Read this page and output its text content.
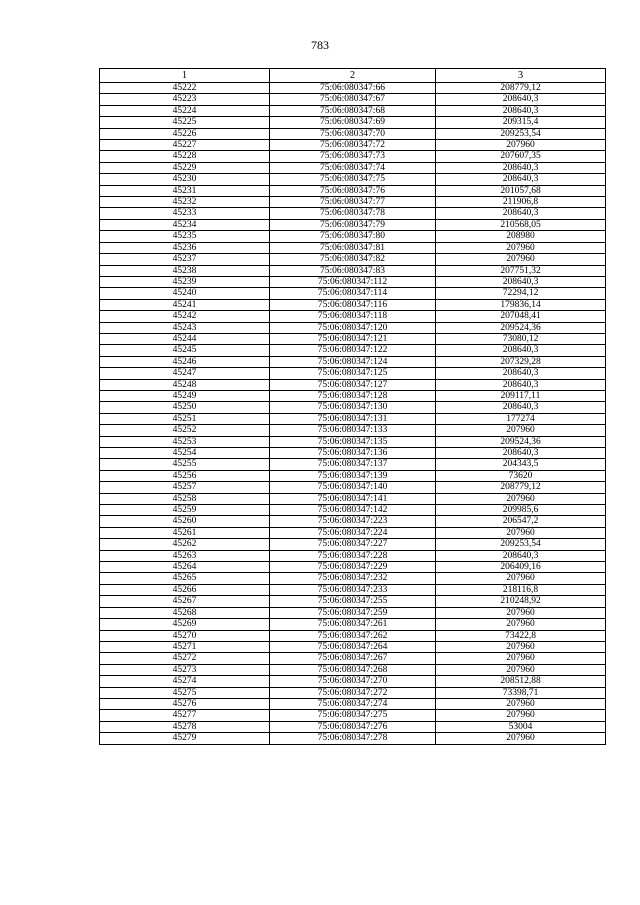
783
1	2	3
45222	75:06:080347:66	208779,12
45223	75:06:080347:67	208640,3
45224	75:06:080347:68	208640,3
45225	75:06:080347:69	209315,4
45226	75:06:080347:70	209253,54
45227	75:06:080347:72	207960
45228	75:06:080347:73	207607,35
45229	75:06:080347:74	208640,3
45230	75:06:080347:75	208640,3
45231	75:06:080347:76	201057,68
45232	75:06:080347:77	211906,8
45233	75:06:080347:78	208640,3
45234	75:06:080347:79	210568,05
45235	75:06:080347:80	208980
45236	75:06:080347:81	207960
45237	75:06:080347:82	207960
45238	75:06:080347:83	207751,32
45239	75:06:080347:112	208640,3
45240	75:06:080347:114	72294,12
45241	75:06:080347:116	179836,14
45242	75:06:080347:118	207048,41
45243	75:06:080347:120	209524,36
45244	75:06:080347:121	73080,12
45245	75:06:080347:122	208640,3
45246	75:06:080347:124	207329,28
45247	75:06:080347:125	208640,3
45248	75:06:080347:127	208640,3
45249	75:06:080347:128	209117,11
45250	75:06:080347:130	208640,3
45251	75:06:080347:131	177274
45252	75:06:080347:133	207960
45253	75:06:080347:135	209524,36
45254	75:06:080347:136	208640,3
45255	75:06:080347:137	204343,5
45256	75:06:080347:139	73620
45257	75:06:080347:140	208779,12
45258	75:06:080347:141	207960
45259	75:06:080347:142	209985,6
45260	75:06:080347:223	206547,2
45261	75:06:080347:224	207960
45262	75:06:080347:227	209253,54
45263	75:06:080347:228	208640,3
45264	75:06:080347:229	206409,16
45265	75:06:080347:232	207960
45266	75:06:080347:233	218116,8
45267	75:06:080347:255	210248,92
45268	75:06:080347:259	207960
45269	75:06:080347:261	207960
45270	75:06:080347:262	73422,8
45271	75:06:080347:264	207960
45272	75:06:080347:267	207960
45273	75:06:080347:268	207960
45274	75:06:080347:270	208512,88
45275	75:06:080347:272	73398,71
45276	75:06:080347:274	207960
45277	75:06:080347:275	207960
45278	75:06:080347:276	53004
45279	75:06:080347:278	207960
